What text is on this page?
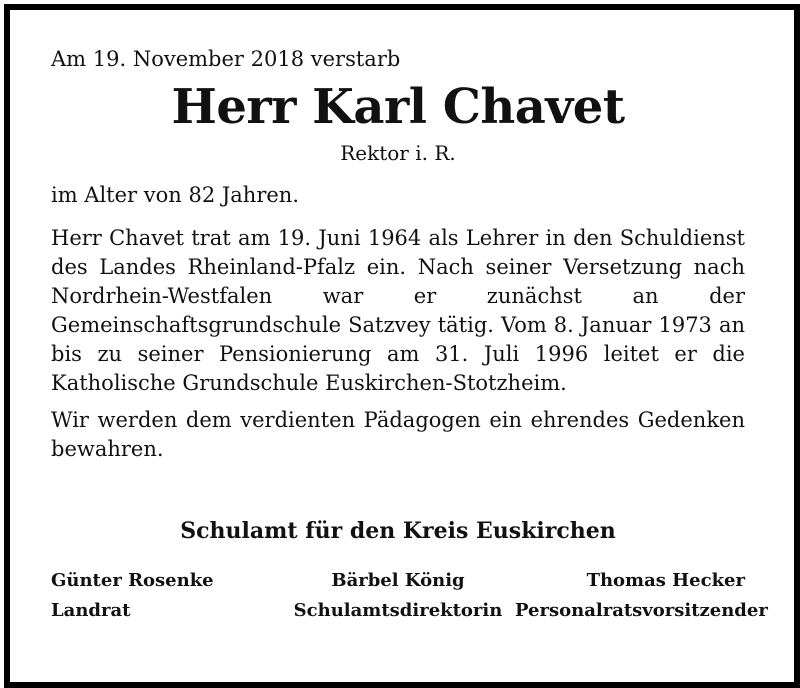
Am 19. November 2018 verstarb

Herr Karl Chavet
Rektor i. R.

im Alter von 82 Jahren.

Herr Chavet trat am 19. Juni 1964 als Lehrer in den Schuldienst des Landes Rheinland-Pfalz ein. Nach seiner Versetzung nach Nordrhein-Westfalen war er zunächst an der Gemeinschaftsgrundschule Satzvey tätig. Vom 8. Januar 1973 an bis zu seiner Pensionierung am 31. Juli 1996 leitet er die Katholische Grundschule Euskirchen-Stotzheim.

Wir werden dem verdienten Pädagogen ein ehrendes Gedenken bewahren.

Schulamt für den Kreis Euskirchen
Günter Rosenke
Landrat
Bärbel König
Schulamtsdirektorin
Thomas Hecker
Personalratsvorsitzender
